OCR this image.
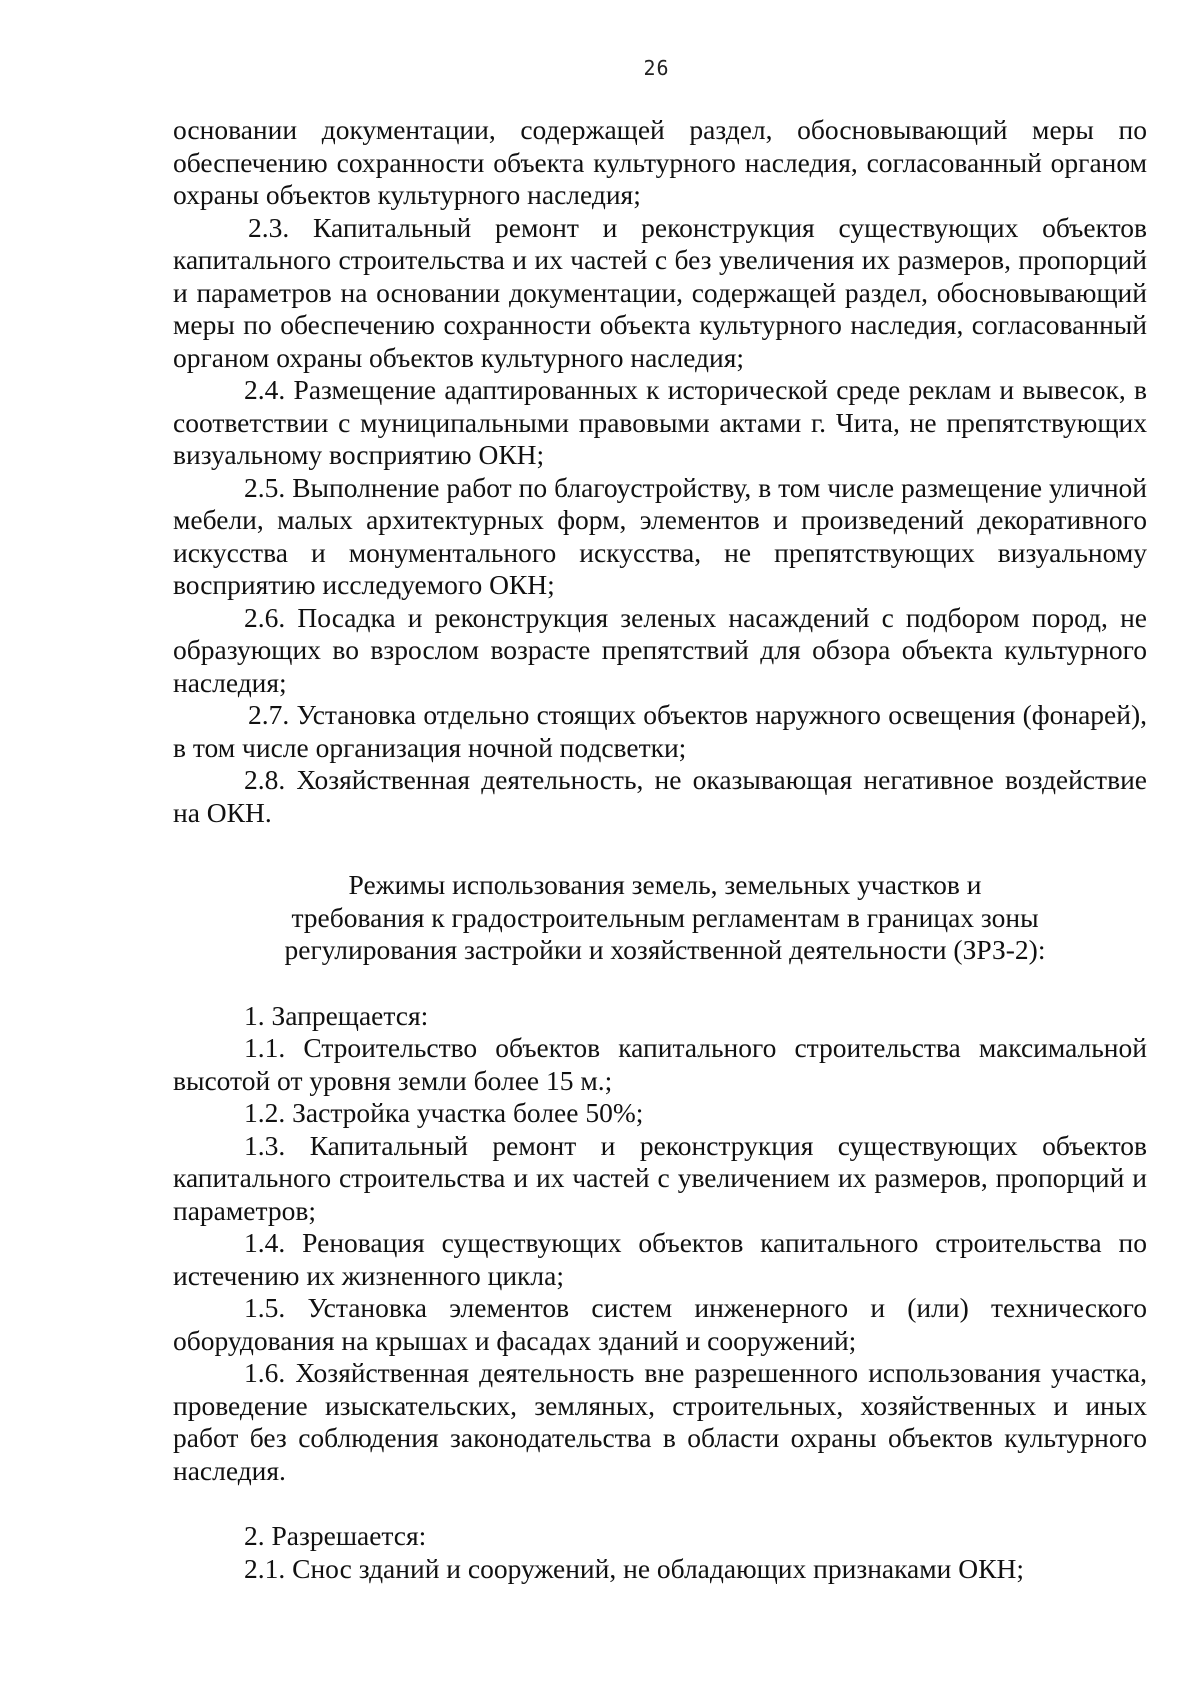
26

основании документации, содержащей раздел, обосновывающий меры по обеспечению сохранности объекта культурного наследия, согласованный органом охраны объектов культурного наследия;

2.3. Капитальный ремонт и реконструкция существующих объектов капитального строительства и их частей с без увеличения их размеров, пропорций и параметров на основании документации, содержащей раздел, обосновывающий меры по обеспечению сохранности объекта культурного наследия, согласованный органом охраны объектов культурного наследия;

2.4. Размещение адаптированных к исторической среде реклам и вывесок, в соответствии с муниципальными правовыми актами г. Чита, не препятствующих визуальному восприятию ОКН;

2.5. Выполнение работ по благоустройству, в том числе размещение уличной мебели, малых архитектурных форм, элементов и произведений декоративного искусства и монументального искусства, не препятствующих визуальному восприятию исследуемого ОКН;

2.6. Посадка и реконструкция зеленых насаждений с подбором пород, не образующих во взрослом возрасте препятствий для обзора объекта культурного наследия;

2.7. Установка отдельно стоящих объектов наружного освещения (фонарей), в том числе организация ночной подсветки;

2.8. Хозяйственная деятельность, не оказывающая негативное воздействие на ОКН.

Режимы использования земель, земельных участков и

требования к градостроительным регламентам в границах зоны

регулирования застройки и хозяйственной деятельности (ЗРЗ-2):

1. Запрещается:

1.1. Строительство объектов капитального строительства максимальной высотой от уровня земли более 15 м.;

1.2. Застройка участка более 50%;

1.3. Капитальный ремонт и реконструкция существующих объектов капитального строительства и их частей с увеличением их размеров, пропорций и параметров;

1.4. Реновация существующих объектов капитального строительства по истечению их жизненного цикла;

1.5. Установка элементов систем инженерного и (или) технического оборудования на крышах и фасадах зданий и сооружений;

1.6. Хозяйственная деятельность вне разрешенного использования участка, проведение изыскательских, земляных, строительных, хозяйственных и иных работ без соблюдения законодательства в области охраны объектов культурного наследия.

2. Разрешается:

2.1. Снос зданий и сооружений, не обладающих признаками ОКН;
